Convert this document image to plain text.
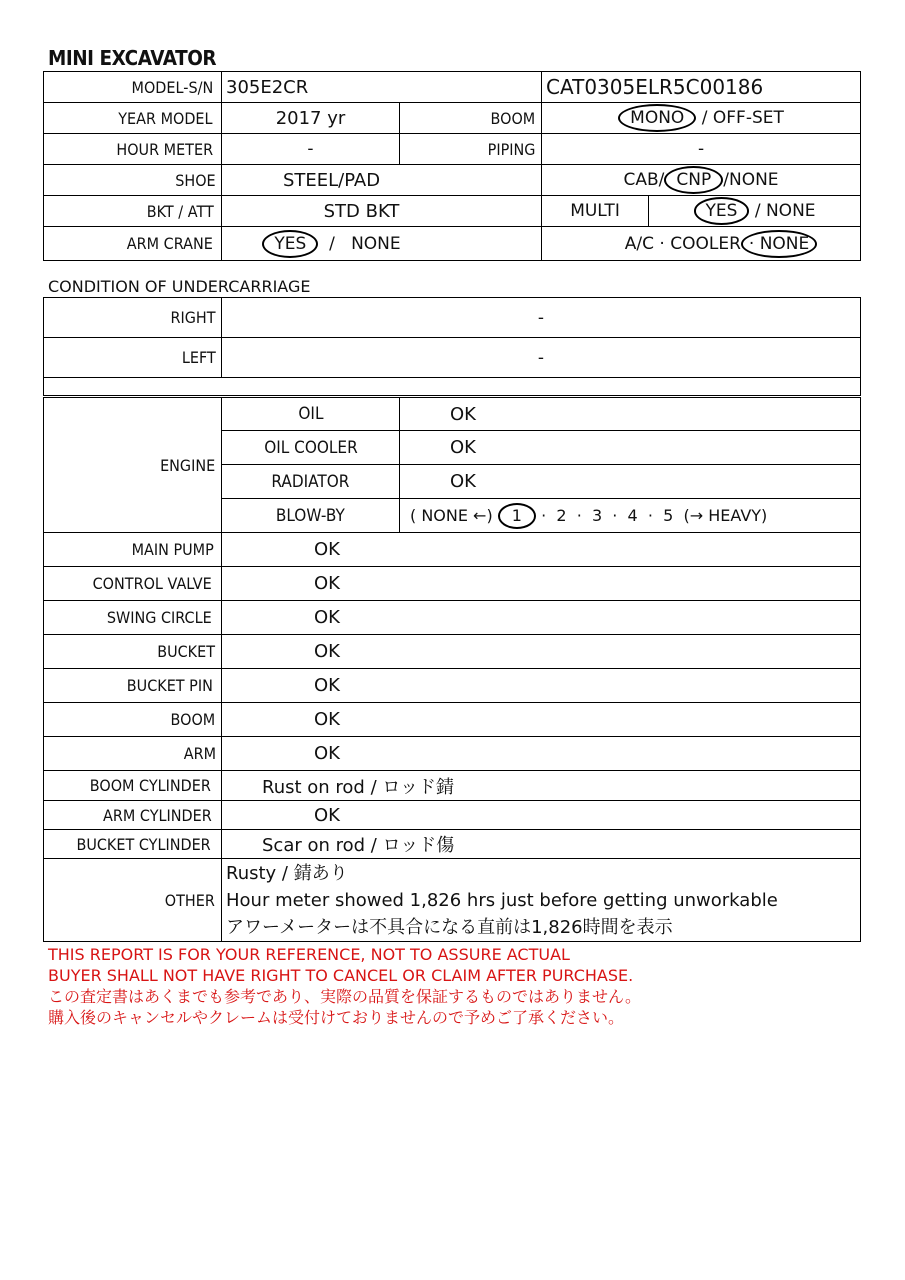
MINI EXCAVATOR
MODEL-S/N	305E2CR		CAT0305ELR5C00186	
YEAR MODEL	2017 yr	BOOM	MONO / OFF-SET	
HOUR METER	-	PIPING	-	
SHOE	STEEL/PAD		CAB/ CNP /NONE	
BKT / ATT	STD BKT		MULTI	YES / NONE
ARM CRANE	YES / NONE		A/C · COOLER · NONE	
CONDITION OF UNDERCARRIAGE
RIGHT	-
LEFT	-

ENGINE	OIL	OK
	OIL COOLER	OK
	RADIATOR	OK
	BLOW-BY	( NONE ←) 1 ·  2  ·  3  ·  4  ·  5  (→ HEAVY)
MAIN PUMP	OK	
CONTROL VALVE	OK	
SWING CIRCLE	OK	
BUCKET	OK	
BUCKET PIN	OK	
BOOM	OK	
ARM	OK	
BOOM CYLINDER	Rust on rod / ロッド錆	
ARM CYLINDER	OK	
BUCKET CYLINDER	Scar on rod / ロッド傷	
OTHER	Rusty / 錆あり
Hour meter showed 1,826 hrs just before getting unworkable
アワーメーターは不具合になる直前は1,826時間を表示	
THIS REPORT IS FOR YOUR REFERENCE, NOT TO ASSURE ACTUAL
BUYER SHALL NOT HAVE RIGHT TO CANCEL OR CLAIM AFTER PURCHASE.
この査定書はあくまでも参考であり、実際の品質を保証するものではありません。
購入後のキャンセルやクレームは受付けておりませんので予めご了承ください。
